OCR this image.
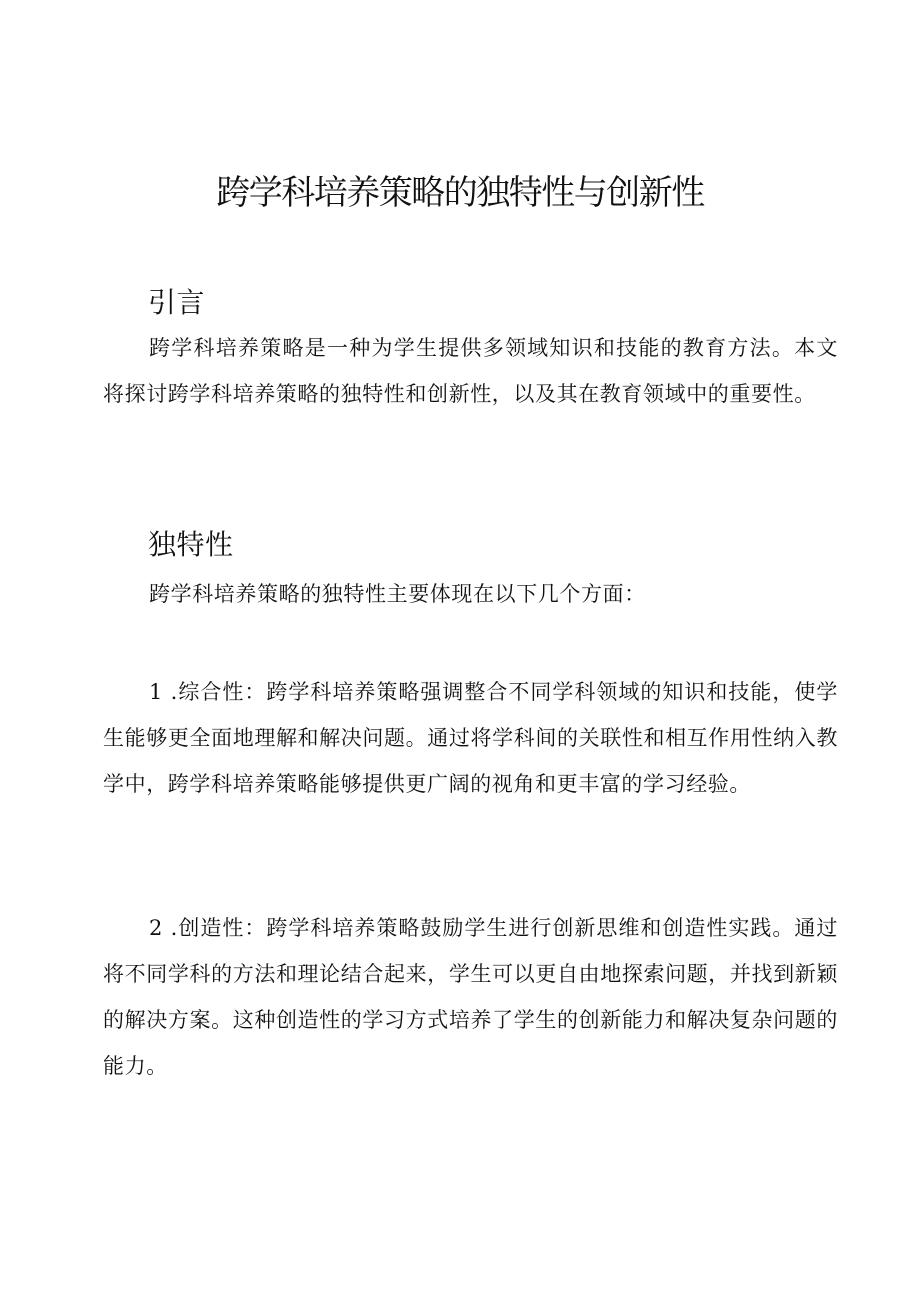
跨学科培养策略的独特性与创新性
引言

跨学科培养策略是一种为学生提供多领域知识和技能的教育方法。本文将探讨跨学科培养策略的独特性和创新性，以及其在教育领域中的重要性。

独特性

跨学科培养策略的独特性主要体现在以下几个方面：

1 .综合性：跨学科培养策略强调整合不同学科领域的知识和技能，使学生能够更全面地理解和解决问题。通过将学科间的关联性和相互作用性纳入教学中，跨学科培养策略能够提供更广阔的视角和更丰富的学习经验。

2 .创造性：跨学科培养策略鼓励学生进行创新思维和创造性实践。通过将不同学科的方法和理论结合起来，学生可以更自由地探索问题，并找到新颖的解决方案。这种创造性的学习方式培养了学生的创新能力和解决复杂问题的能力。
